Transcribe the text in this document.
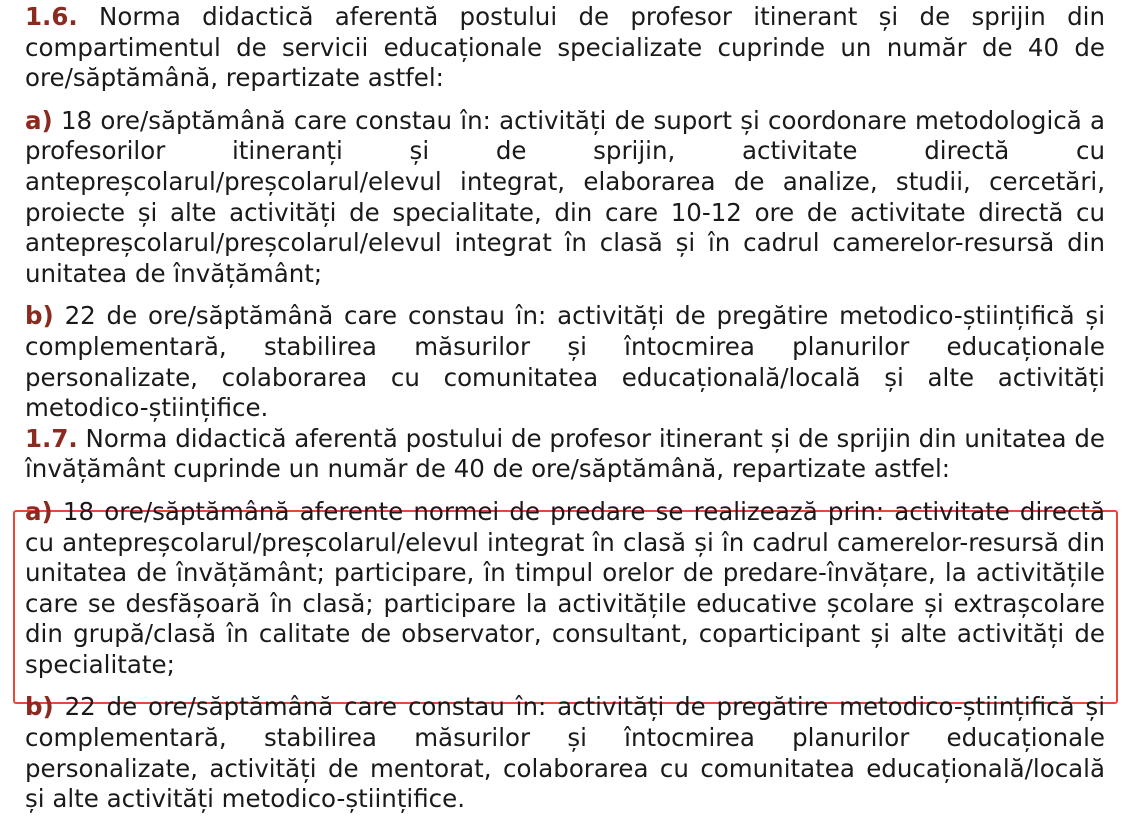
1.6. Norma didactică aferentă postului de profesor itinerant și de sprijin din compartimentul de servicii educaționale specializate cuprinde un număr de 40 de ore/săptămână, repartizate astfel:

a) 18 ore/săptămână care constau în: activități de suport și coordonare metodologică a profesorilor itineranți și de sprijin, activitate directă cu antepreșcolarul/preșcolarul/elevul integrat, elaborarea de analize, studii, cercetări, proiecte și alte activități de specialitate, din care 10-12 ore de activitate directă cu antepreșcolarul/preșcolarul/elevul integrat în clasă și în cadrul camerelor-resursă din unitatea de învățământ;

b) 22 de ore/săptămână care constau în: activități de pregătire metodico-științifică și complementară, stabilirea măsurilor și întocmirea planurilor educaționale personalizate, colaborarea cu comunitatea educațională/locală și alte activități metodico-științifice.

1.7. Norma didactică aferentă postului de profesor itinerant și de sprijin din unitatea de învățământ cuprinde un număr de 40 de ore/săptămână, repartizate astfel:

a) 18 ore/săptămână aferente normei de predare se realizează prin: activitate directă cu antepreșcolarul/preșcolarul/elevul integrat în clasă și în cadrul camerelor-resursă din unitatea de învățământ; participare, în timpul orelor de predare-învățare, la activitățile care se desfășoară în clasă; participare la activitățile educative școlare și extrașcolare din grupă/clasă în calitate de observator, consultant, coparticipant și alte activități de specialitate;

b) 22 de ore/săptămână care constau în: activități de pregătire metodico-științifică și complementară, stabilirea măsurilor și întocmirea planurilor educaționale personalizate, activități de mentorat, colaborarea cu comunitatea educațională/locală și alte activități metodico-științifice.
